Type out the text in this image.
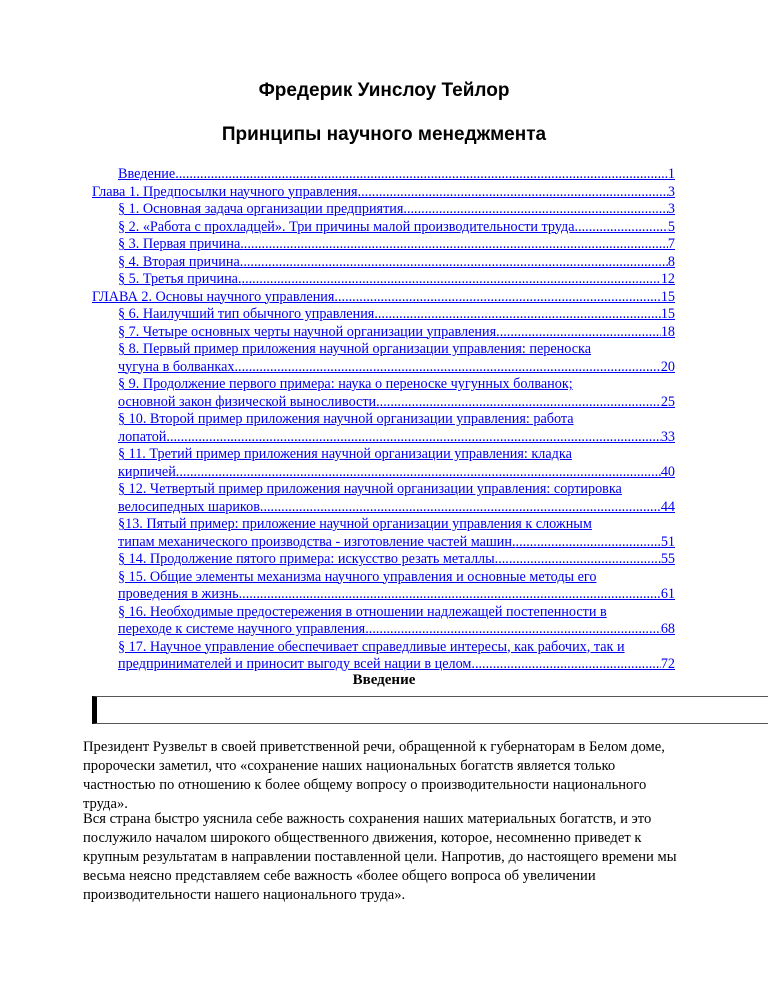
Фредерик Уинслоу Тейлор
Принципы научного менеджмента
Введение .....	1
Глава 1. Предпосылки научного управления .....	3
§ 1. Основная задача организации предприятия. .....	3
§ 2. «Работа с прохладцей». Три причины малой производительности труда. .....	5
§ 3. Первая причина. .....	7
§ 4. Вторая причина. .....	8
§ 5. Третья причина. .....	12
ГЛАВА 2. Основы научного управления. .....	15
§ 6. Наилучший тип обычного управления .....	15
§ 7. Четыре основных черты научной организации управления. .....	18
§ 8. Первый пример приложения научной организации управления: переноска
чугуна в болванках. .....	20
§ 9. Продолжение первого примера: наука о переноске чугунных болванок;
основной закон физической выносливости. .....	25
§ 10. Второй пример приложения научной организации управления: работа
лопатой. .....	33
§ 11. Третий пример приложения научной организации управления: кладка
кирпичей .....	40
§ 12. Четвертый пример приложения научной организации управления: сортировка
велосипедных шариков .....	44
§13. Пятый пример: приложение научной организации управления к сложным
типам механического производства - изготовление частей машин. .....	51
§ 14. Продолжение пятого примера: искусство резать металлы. .....	55
§ 15. Общие элементы механизма научного управления и основные методы его
проведения в жизнь. .....	61
§ 16. Необходимые предостережения в отношении надлежащей постепенности в
переходе к системе научного управления. .....	68
§ 17. Научное управление обеспечивает справедливые интересы, как рабочих, так и
предпринимателей и приносит выгоду всей нации в целом. .....	72
Введение

Президент Рузвельт в своей приветственной речи, обращенной к губернаторам в Белом доме, пророчески заметил, что «сохранение наших национальных богатств является только частностью по отношению к более общему вопросу о производительности национального труда».

Вся страна быстро уяснила себе важность сохранения наших материальных богатств, и это послужило началом широкого общественного движения, которое, несомненно приведет к крупным результатам в направлении поставленной цели. Напротив, до настоящего времени мы весьма неясно представляем себе важность «более общего вопроса об увеличении производительности нашего национального труда».
